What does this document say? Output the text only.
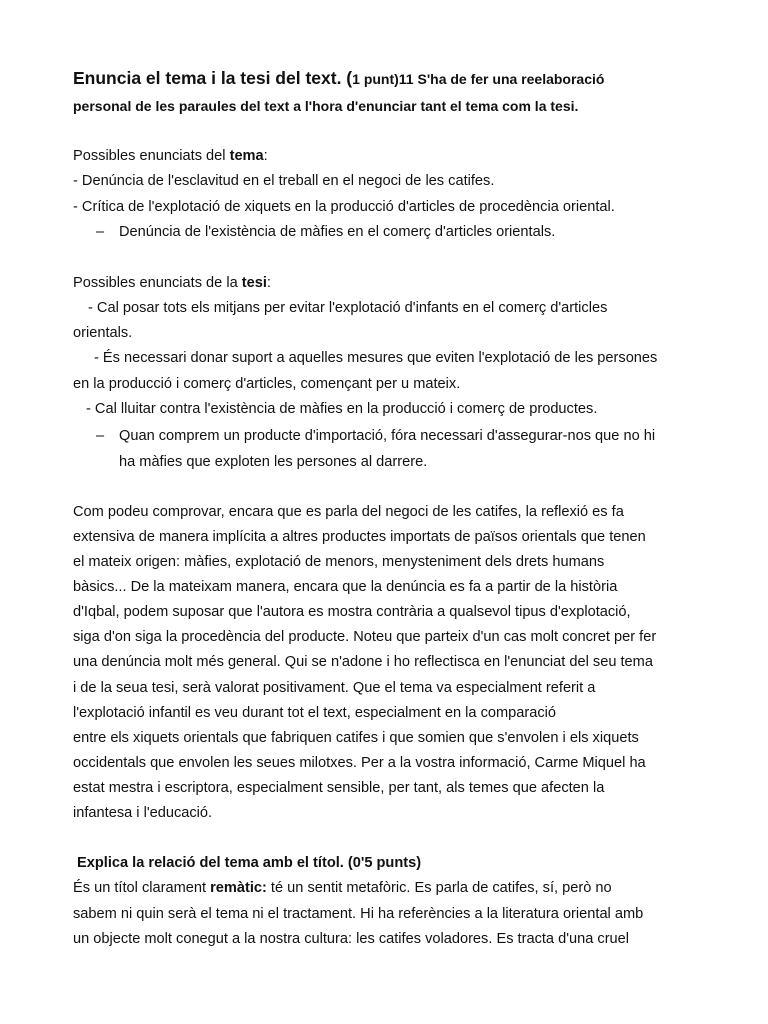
Enuncia el tema i la tesi del text. (1 punt)11 S'ha de fer una reelaboració
personal de les paraules del text a l'hora d'enunciar tant el tema com la tesi.
Possibles enunciats del tema:
- Denúncia de l'esclavitud en el treball en el negoci de les catifes.
- Crítica de l'explotació de xiquets en la producció d'articles de procedència oriental.
– Denúncia de l'existència de màfies en el comerç d'articles orientals.
Possibles enunciats de la tesi:
- Cal posar tots els mitjans per evitar l'explotació d'infants en el comerç d'articles
orientals.
- És necessari donar suport a aquelles mesures que eviten l'explotació de les persones
en la producció i comerç d'articles, començant per u mateix.
- Cal lluitar contra l'existència de màfies en la producció i comerç de productes.
– Quan comprem un producte d'importació, fóra necessari d'assegurar-nos que no hi
ha màfies que exploten les persones al darrere.
Com podeu comprovar, encara que es parla del negoci de les catifes, la reflexió es fa
extensiva de manera implícita a altres productes importats de països orientals que tenen
el mateix origen: màfies, explotació de menors, menysteniment dels drets humans
bàsics... De la mateixam manera, encara que la denúncia es fa a partir de la història
d'Iqbal, podem suposar que l'autora es mostra contrària a qualsevol tipus d'explotació,
siga d'on siga la procedència del producte. Noteu que parteix d'un cas molt concret per fer
una denúncia molt més general. Qui se n'adone i ho reflectisca en l'enunciat del seu tema
i de la seua tesi, serà valorat positivament. Que el tema va especialment referit a
l'explotació infantil es veu durant tot el text, especialment en la comparació
entre els xiquets orientals que fabriquen catifes i que somien que s'envolen i els xiquets
occidentals que envolen les seues milotxes. Per a la vostra informació, Carme Miquel ha
estat mestra i escriptora, especialment sensible, per tant, als temes que afecten la
infantesa i l'educació.
Explica la relació del tema amb el títol. (0'5 punts)
És un títol clarament remàtic: té un sentit metafòric. Es parla de catifes, sí, però no
sabem ni quin serà el tema ni el tractament. Hi ha referències a la literatura oriental amb
un objecte molt conegut a la nostra cultura: les catifes voladores. Es tracta d'una cruel
